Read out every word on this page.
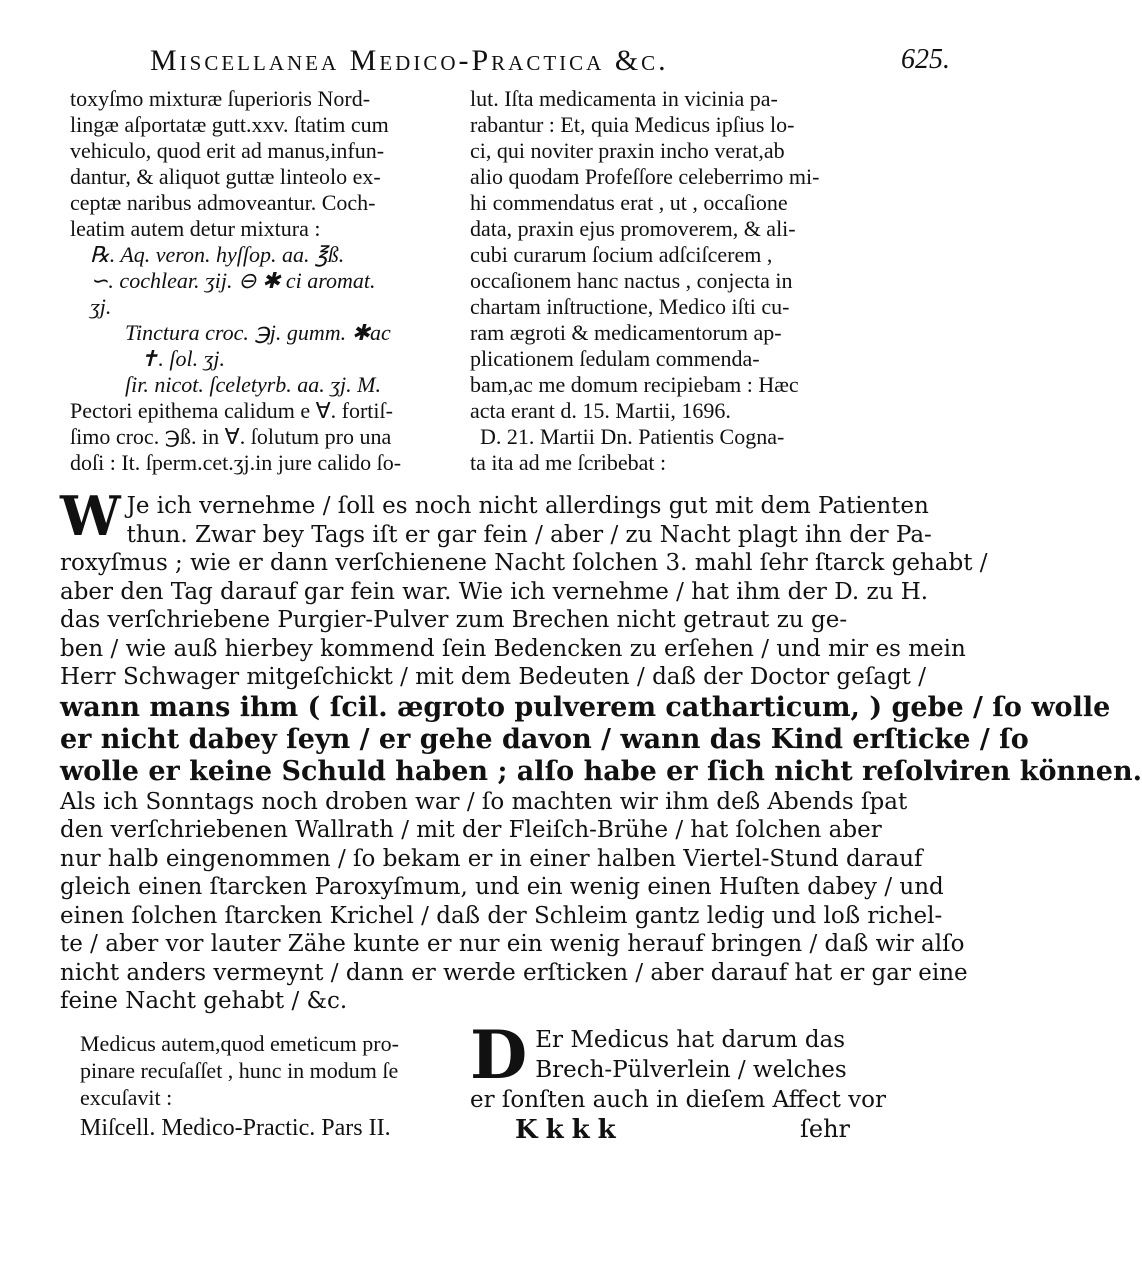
Miscellanea Medico-Practica &c.	625.
toxyſmo mixturæ ſuperioris Nord-
lingæ aſportatæ gutt.xxv. ſtatim cum
vehiculo, quod erit ad manus,infun-
dantur, & aliquot guttæ linteolo ex-
ceptæ naribus admoveantur. Coch-
leatim autem detur mixtura :
℞. Aq. veron. hyſſop. aa. ℥ß.
∽. cochlear. ʒij. ⊖ ✱ ci aromat.
ʒj.
Tinctura croc. ℈j. gumm. ✱ac
✝. ſol. ʒj.
ſir. nicot. ſceletyrb. aa. ʒj. M.
Pectori epithema calidum e ∀. fortiſ-
ſimo croc. ℈ß. in ∀. ſolutum pro una
doſi : It. ſperm.cet.ʒj.in jure calido ſo-
lut. Iſta medicamenta in vicinia pa-
rabantur : Et, quia Medicus ipſius lo-
ci, qui noviter praxin incho verat,ab
alio quodam Profeſſore celeberrimo mi-
hi commendatus erat , ut , occaſione
data, praxin ejus promoverem, & ali-
cubi curarum ſocium adſciſcerem ,
occaſionem hanc nactus , conjecta in
chartam inſtructione, Medico iſti cu-
ram ægroti & medicamentorum ap-
plicationem ſedulam commenda-
bam,ac me domum recipiebam : Hæc
acta erant d. 15. Martii, 1696.
D. 21. Martii Dn. Patientis Cogna-
ta ita ad me ſcribebat :
W Je ich vernehme / ſoll es noch nicht allerdings gut mit dem Patienten
thun. Zwar bey Tags iſt er gar fein / aber / zu Nacht plagt ihn der Pa-
roxyſmus ; wie er dann verſchienene Nacht ſolchen 3. mahl ſehr ſtarck gehabt /
aber den Tag darauf gar fein war. Wie ich vernehme / hat ihm der D. zu H.
das verſchriebene Purgier-Pulver zum Brechen nicht getraut zu ge-
ben / wie auß hierbey kommend ſein Bedencken zu erſehen / und mir es mein
Herr Schwager mitgeſchickt / mit dem Bedeuten / daß der Doctor geſagt /
wann mans ihm ( ſcil. ægroto pulverem catharticum, ) gebe / ſo wolle
er nicht dabey ſeyn / er gehe davon / wann das Kind erſticke / ſo
wolle er keine Schuld haben ; alſo habe er ſich nicht reſolviren können.
Als ich Sonntags noch droben war / ſo machten wir ihm deß Abends ſpat
den verſchriebenen Wallrath / mit der Fleiſch-Brühe / hat ſolchen aber
nur halb eingenommen / ſo bekam er in einer halben Viertel-Stund darauf
gleich einen ſtarcken Paroxyſmum, und ein wenig einen Huſten dabey / und
einen ſolchen ſtarcken Krichel / daß der Schleim gantz ledig und loß richel-
te / aber vor lauter Zähe kunte er nur ein wenig herauf bringen / daß wir alſo
nicht anders vermeynt / dann er werde erſticken / aber darauf hat er gar eine
feine Nacht gehabt / &c.
Medicus autem,quod emeticum pro-
pinare recuſaſſet , hunc in modum ſe
excuſavit :
D Er Medicus hat darum das
Brech-Pülverlein / welches
er ſonſten auch in dieſem Affect vor
Miſcell. Medico-Practic. Pars II.	Kkkk	ſehr
